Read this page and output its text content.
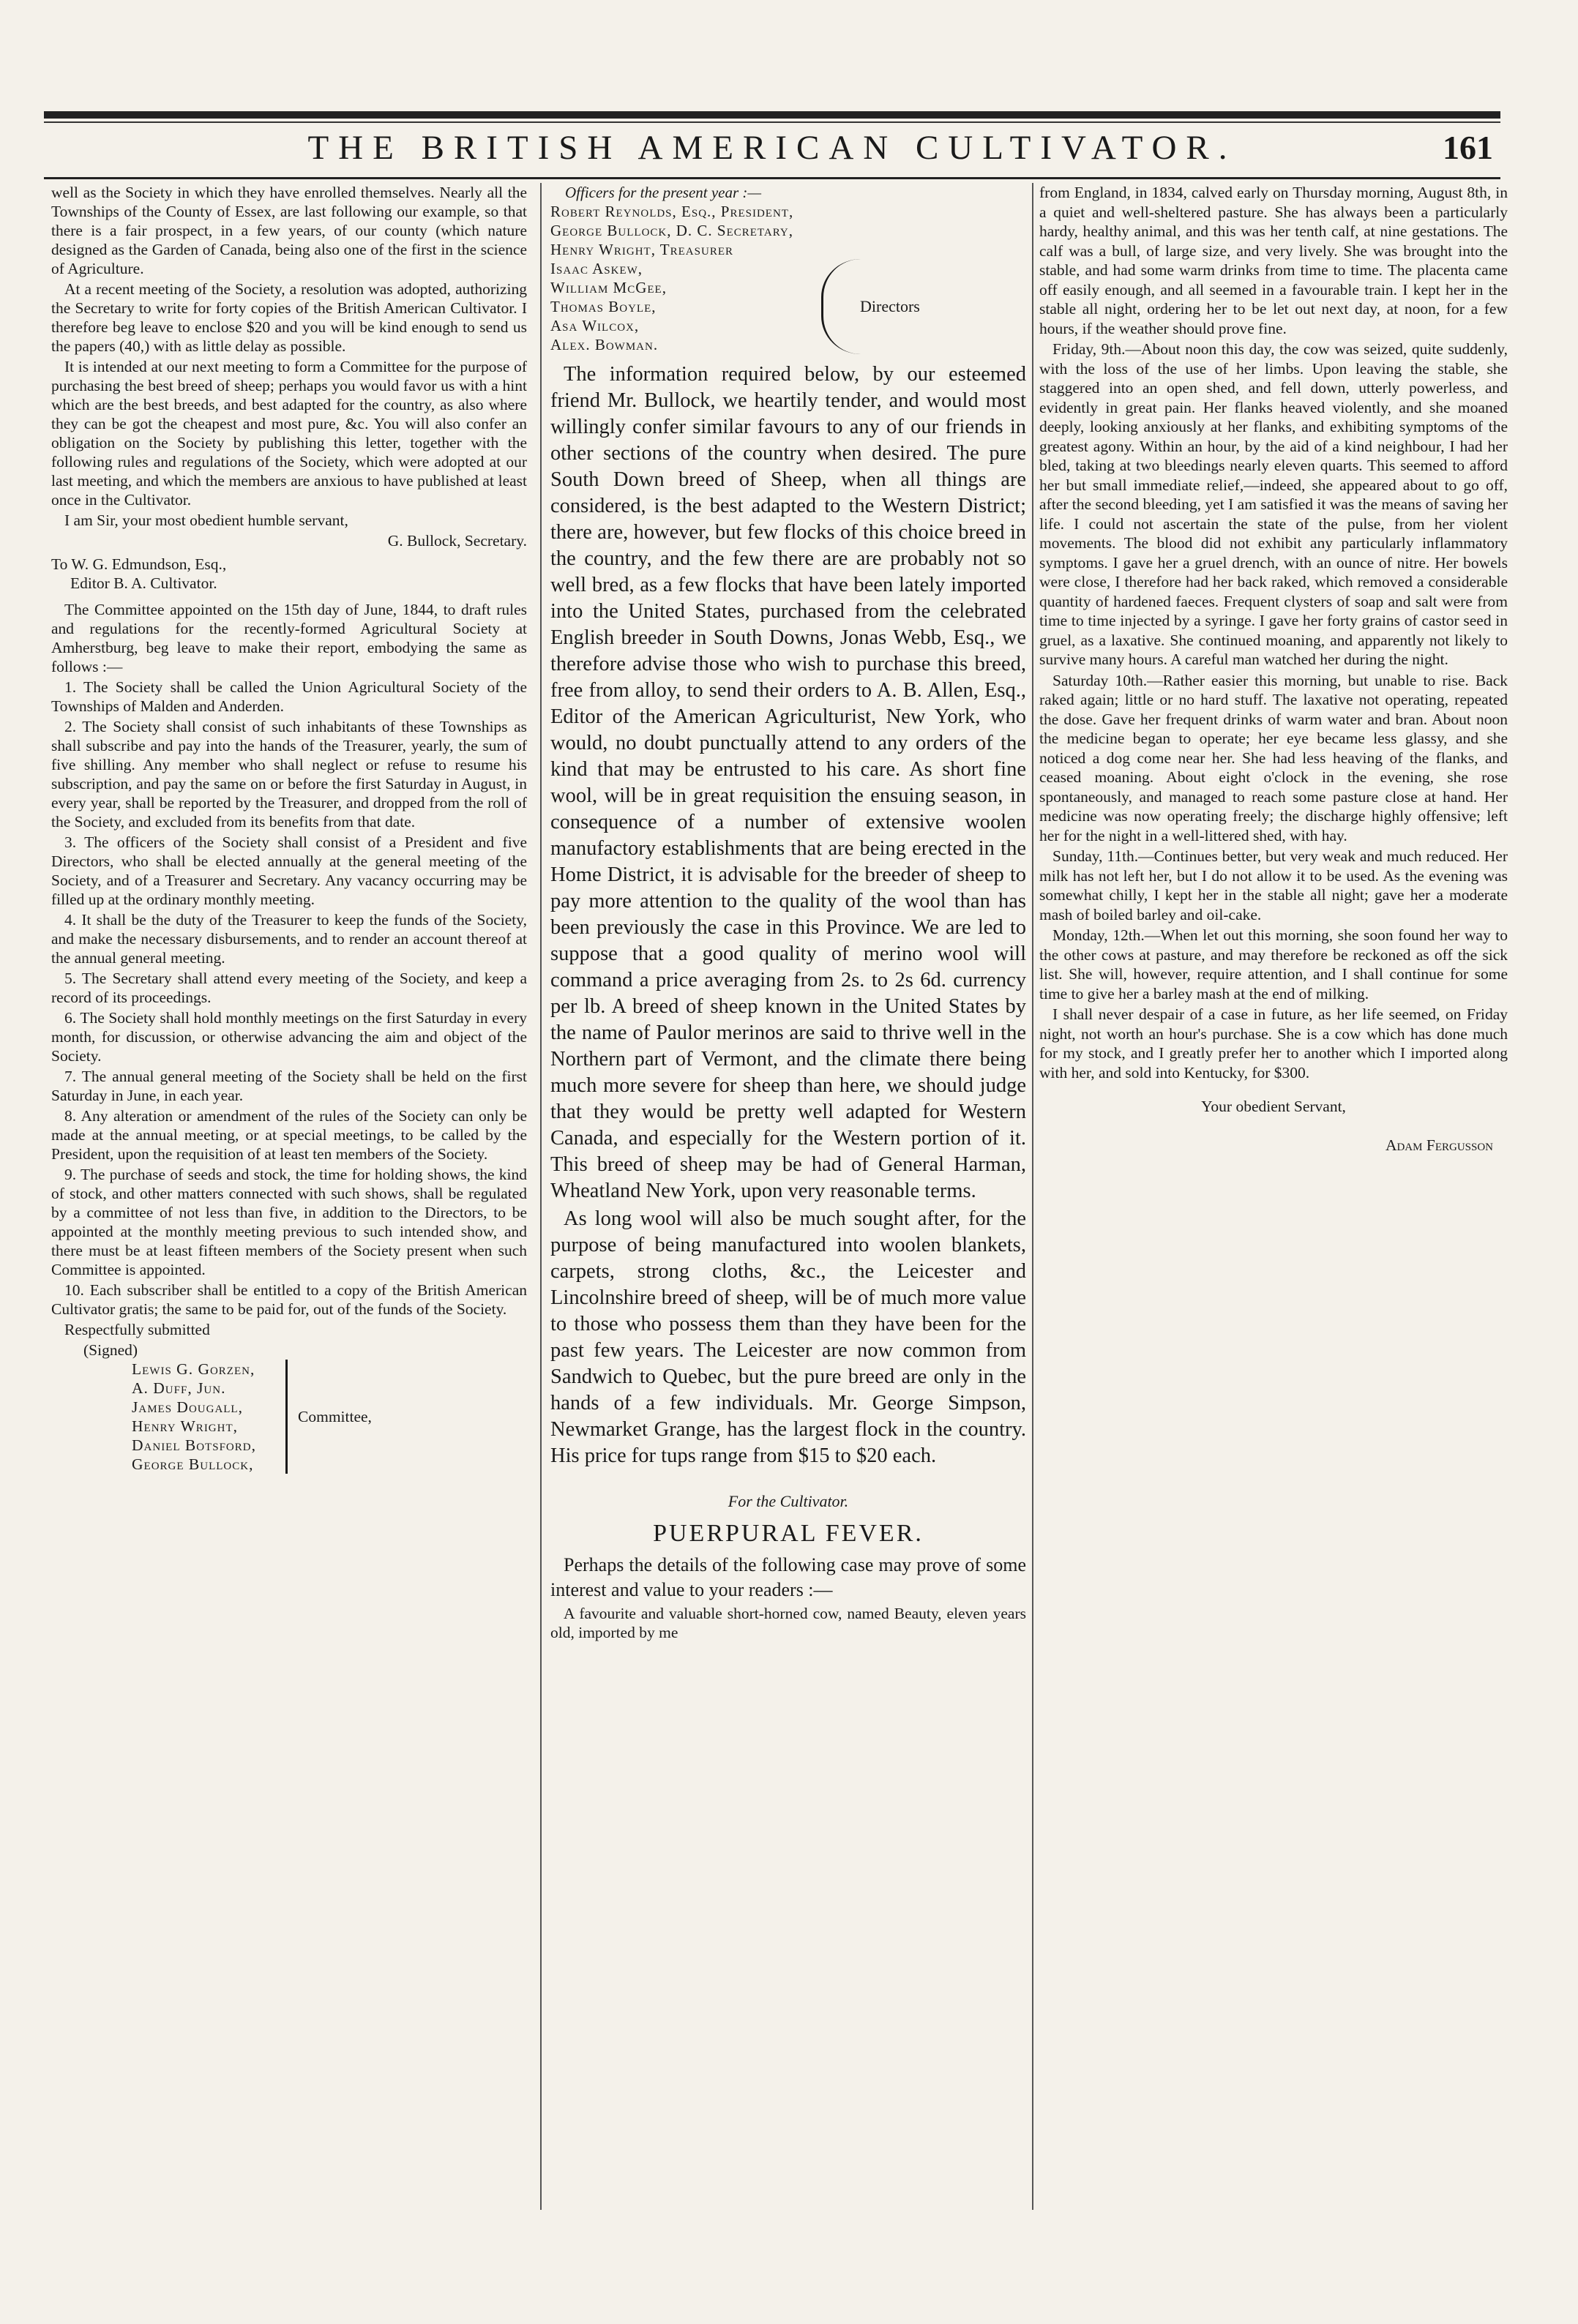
THE BRITISH AMERICAN CULTIVATOR.	161

well as the Society in which they have enrolled themselves. Nearly all the Townships of the County of Essex, are last following our example, so that there is a fair prospect, in a few years, of our county (which nature designed as the Garden of Canada, being also one of the first in the science of Agriculture.

At a recent meeting of the Society, a resolution was adopted, authorizing the Secretary to write for forty copies of the British American Cultivator. I therefore beg leave to enclose $20 and you will be kind enough to send us the papers (40,) with as little delay as possible.

It is intended at our next meeting to form a Committee for the purpose of purchasing the best breed of sheep; perhaps you would favor us with a hint which are the best breeds, and best adapted for the country, as also where they can be got the cheapest and most pure, &c. You will also confer an obligation on the Society by publishing this letter, together with the following rules and regulations of the Society, which were adopted at our last meeting, and which the members are anxious to have published at least once in the Cultivator.

I am Sir, your most obedient humble servant,

G. Bullock, Secretary.
To W. G. Edmundson, Esq.,
Editor B. A. Cultivator.

The Committee appointed on the 15th day of June, 1844, to draft rules and regulations for the recently-formed Agricultural Society at Amherstburg, beg leave to make their report, embodying the same as follows :—

1. The Society shall be called the Union Agricultural Society of the Townships of Malden and Anderden.

2. The Society shall consist of such inhabitants of these Townships as shall subscribe and pay into the hands of the Treasurer, yearly, the sum of five shilling. Any member who shall neglect or refuse to resume his subscription, and pay the same on or before the first Saturday in August, in every year, shall be reported by the Treasurer, and dropped from the roll of the Society, and excluded from its benefits from that date.

3. The officers of the Society shall consist of a President and five Directors, who shall be elected annually at the general meeting of the Society, and of a Treasurer and Secretary. Any vacancy occurring may be filled up at the ordinary monthly meeting.

4. It shall be the duty of the Treasurer to keep the funds of the Society, and make the necessary disbursements, and to render an account thereof at the annual general meeting.

5. The Secretary shall attend every meeting of the Society, and keep a record of its proceedings.

6. The Society shall hold monthly meetings on the first Saturday in every month, for discussion, or otherwise advancing the aim and object of the Society.

7. The annual general meeting of the Society shall be held on the first Saturday in June, in each year.

8. Any alteration or amendment of the rules of the Society can only be made at the annual meeting, or at special meetings, to be called by the President, upon the requisition of at least ten members of the Society.

9. The purchase of seeds and stock, the time for holding shows, the kind of stock, and other matters connected with such shows, shall be regulated by a committee of not less than five, in addition to the Directors, to be appointed at the monthly meeting previous to such intended show, and there must be at least fifteen members of the Society present when such Committee is appointed.

10. Each subscriber shall be entitled to a copy of the British American Cultivator gratis; the same to be paid for, out of the funds of the Society.

Respectfully submitted

(Signed)
Lewis G. Gorzen,
A. Duff, Jun.
James Dougall,
Henry Wright,
Daniel Botsford,
George Bullock,
Committee,
Officers for the present year :—
Robert Reynolds, Esq., President,
George Bullock, D. C. Secretary,
Henry Wright, Treasurer
Isaac Askew,
William McGee,
Thomas Boyle,
Asa Wilcox,
Alex. Bowman.
Directors

The information required below, by our esteemed friend Mr. Bullock, we heartily tender, and would most willingly confer similar favours to any of our friends in other sections of the country when desired. The pure South Down breed of Sheep, when all things are considered, is the best adapted to the Western District; there are, however, but few flocks of this choice breed in the country, and the few there are are probably not so well bred, as a few flocks that have been lately imported into the United States, purchased from the celebrated English breeder in South Downs, Jonas Webb, Esq., we therefore advise those who wish to purchase this breed, free from alloy, to send their orders to A. B. Allen, Esq., Editor of the American Agriculturist, New York, who would, no doubt punctually attend to any orders of the kind that may be entrusted to his care. As short fine wool, will be in great requisition the ensuing season, in consequence of a number of extensive woolen manufactory establishments that are being erected in the Home District, it is advisable for the breeder of sheep to pay more attention to the quality of the wool than has been previously the case in this Province. We are led to suppose that a good quality of merino wool will command a price averaging from 2s. to 2s 6d. currency per lb. A breed of sheep known in the United States by the name of Paulor merinos are said to thrive well in the Northern part of Vermont, and the climate there being much more severe for sheep than here, we should judge that they would be pretty well adapted for Western Canada, and especially for the Western portion of it. This breed of sheep may be had of General Harman, Wheatland New York, upon very reasonable terms.

As long wool will also be much sought after, for the purpose of being manufactured into woolen blankets, carpets, strong cloths, &c., the Leicester and Lincolnshire breed of sheep, will be of much more value to those who possess them than they have been for the past few years. The Leicester are now common from Sandwich to Quebec, but the pure breed are only in the hands of a few individuals. Mr. George Simpson, Newmarket Grange, has the largest flock in the country. His price for tups range from $15 to $20 each.

For the Cultivator.
PUERPURAL FEVER.

Perhaps the details of the following case may prove of some interest and value to your readers :—

A favourite and valuable short-horned cow, named Beauty, eleven years old, imported by me

from England, in 1834, calved early on Thursday morning, August 8th, in a quiet and well-sheltered pasture. She has always been a particularly hardy, healthy animal, and this was her tenth calf, at nine gestations. The calf was a bull, of large size, and very lively. She was brought into the stable, and had some warm drinks from time to time. The placenta came off easily enough, and all seemed in a favourable train. I kept her in the stable all night, ordering her to be let out next day, at noon, for a few hours, if the weather should prove fine.

Friday, 9th.—About noon this day, the cow was seized, quite suddenly, with the loss of the use of her limbs. Upon leaving the stable, she staggered into an open shed, and fell down, utterly powerless, and evidently in great pain. Her flanks heaved violently, and she moaned deeply, looking anxiously at her flanks, and exhibiting symptoms of the greatest agony. Within an hour, by the aid of a kind neighbour, I had her bled, taking at two bleedings nearly eleven quarts. This seemed to afford her but small immediate relief,—indeed, she appeared about to go off, after the second bleeding, yet I am satisfied it was the means of saving her life. I could not ascertain the state of the pulse, from her violent movements. The blood did not exhibit any particularly inflammatory symptoms. I gave her a gruel drench, with an ounce of nitre. Her bowels were close, I therefore had her back raked, which removed a considerable quantity of hardened faeces. Frequent clysters of soap and salt were from time to time injected by a syringe. I gave her forty grains of castor seed in gruel, as a laxative. She continued moaning, and apparently not likely to survive many hours. A careful man watched her during the night.

Saturday 10th.—Rather easier this morning, but unable to rise. Back raked again; little or no hard stuff. The laxative not operating, repeated the dose. Gave her frequent drinks of warm water and bran. About noon the medicine began to operate; her eye became less glassy, and she noticed a dog come near her. She had less heaving of the flanks, and ceased moaning. About eight o'clock in the evening, she rose spontaneously, and managed to reach some pasture close at hand. Her medicine was now operating freely; the discharge highly offensive; left her for the night in a well-littered shed, with hay.

Sunday, 11th.—Continues better, but very weak and much reduced. Her milk has not left her, but I do not allow it to be used. As the evening was somewhat chilly, I kept her in the stable all night; gave her a moderate mash of boiled barley and oil-cake.

Monday, 12th.—When let out this morning, she soon found her way to the other cows at pasture, and may therefore be reckoned as off the sick list. She will, however, require attention, and I shall continue for some time to give her a barley mash at the end of milking.

I shall never despair of a case in future, as her life seemed, on Friday night, not worth an hour's purchase. She is a cow which has done much for my stock, and I greatly prefer her to another which I imported along with her, and sold into Kentucky, for $300.

Your obedient Servant,
Adam Fergusson
